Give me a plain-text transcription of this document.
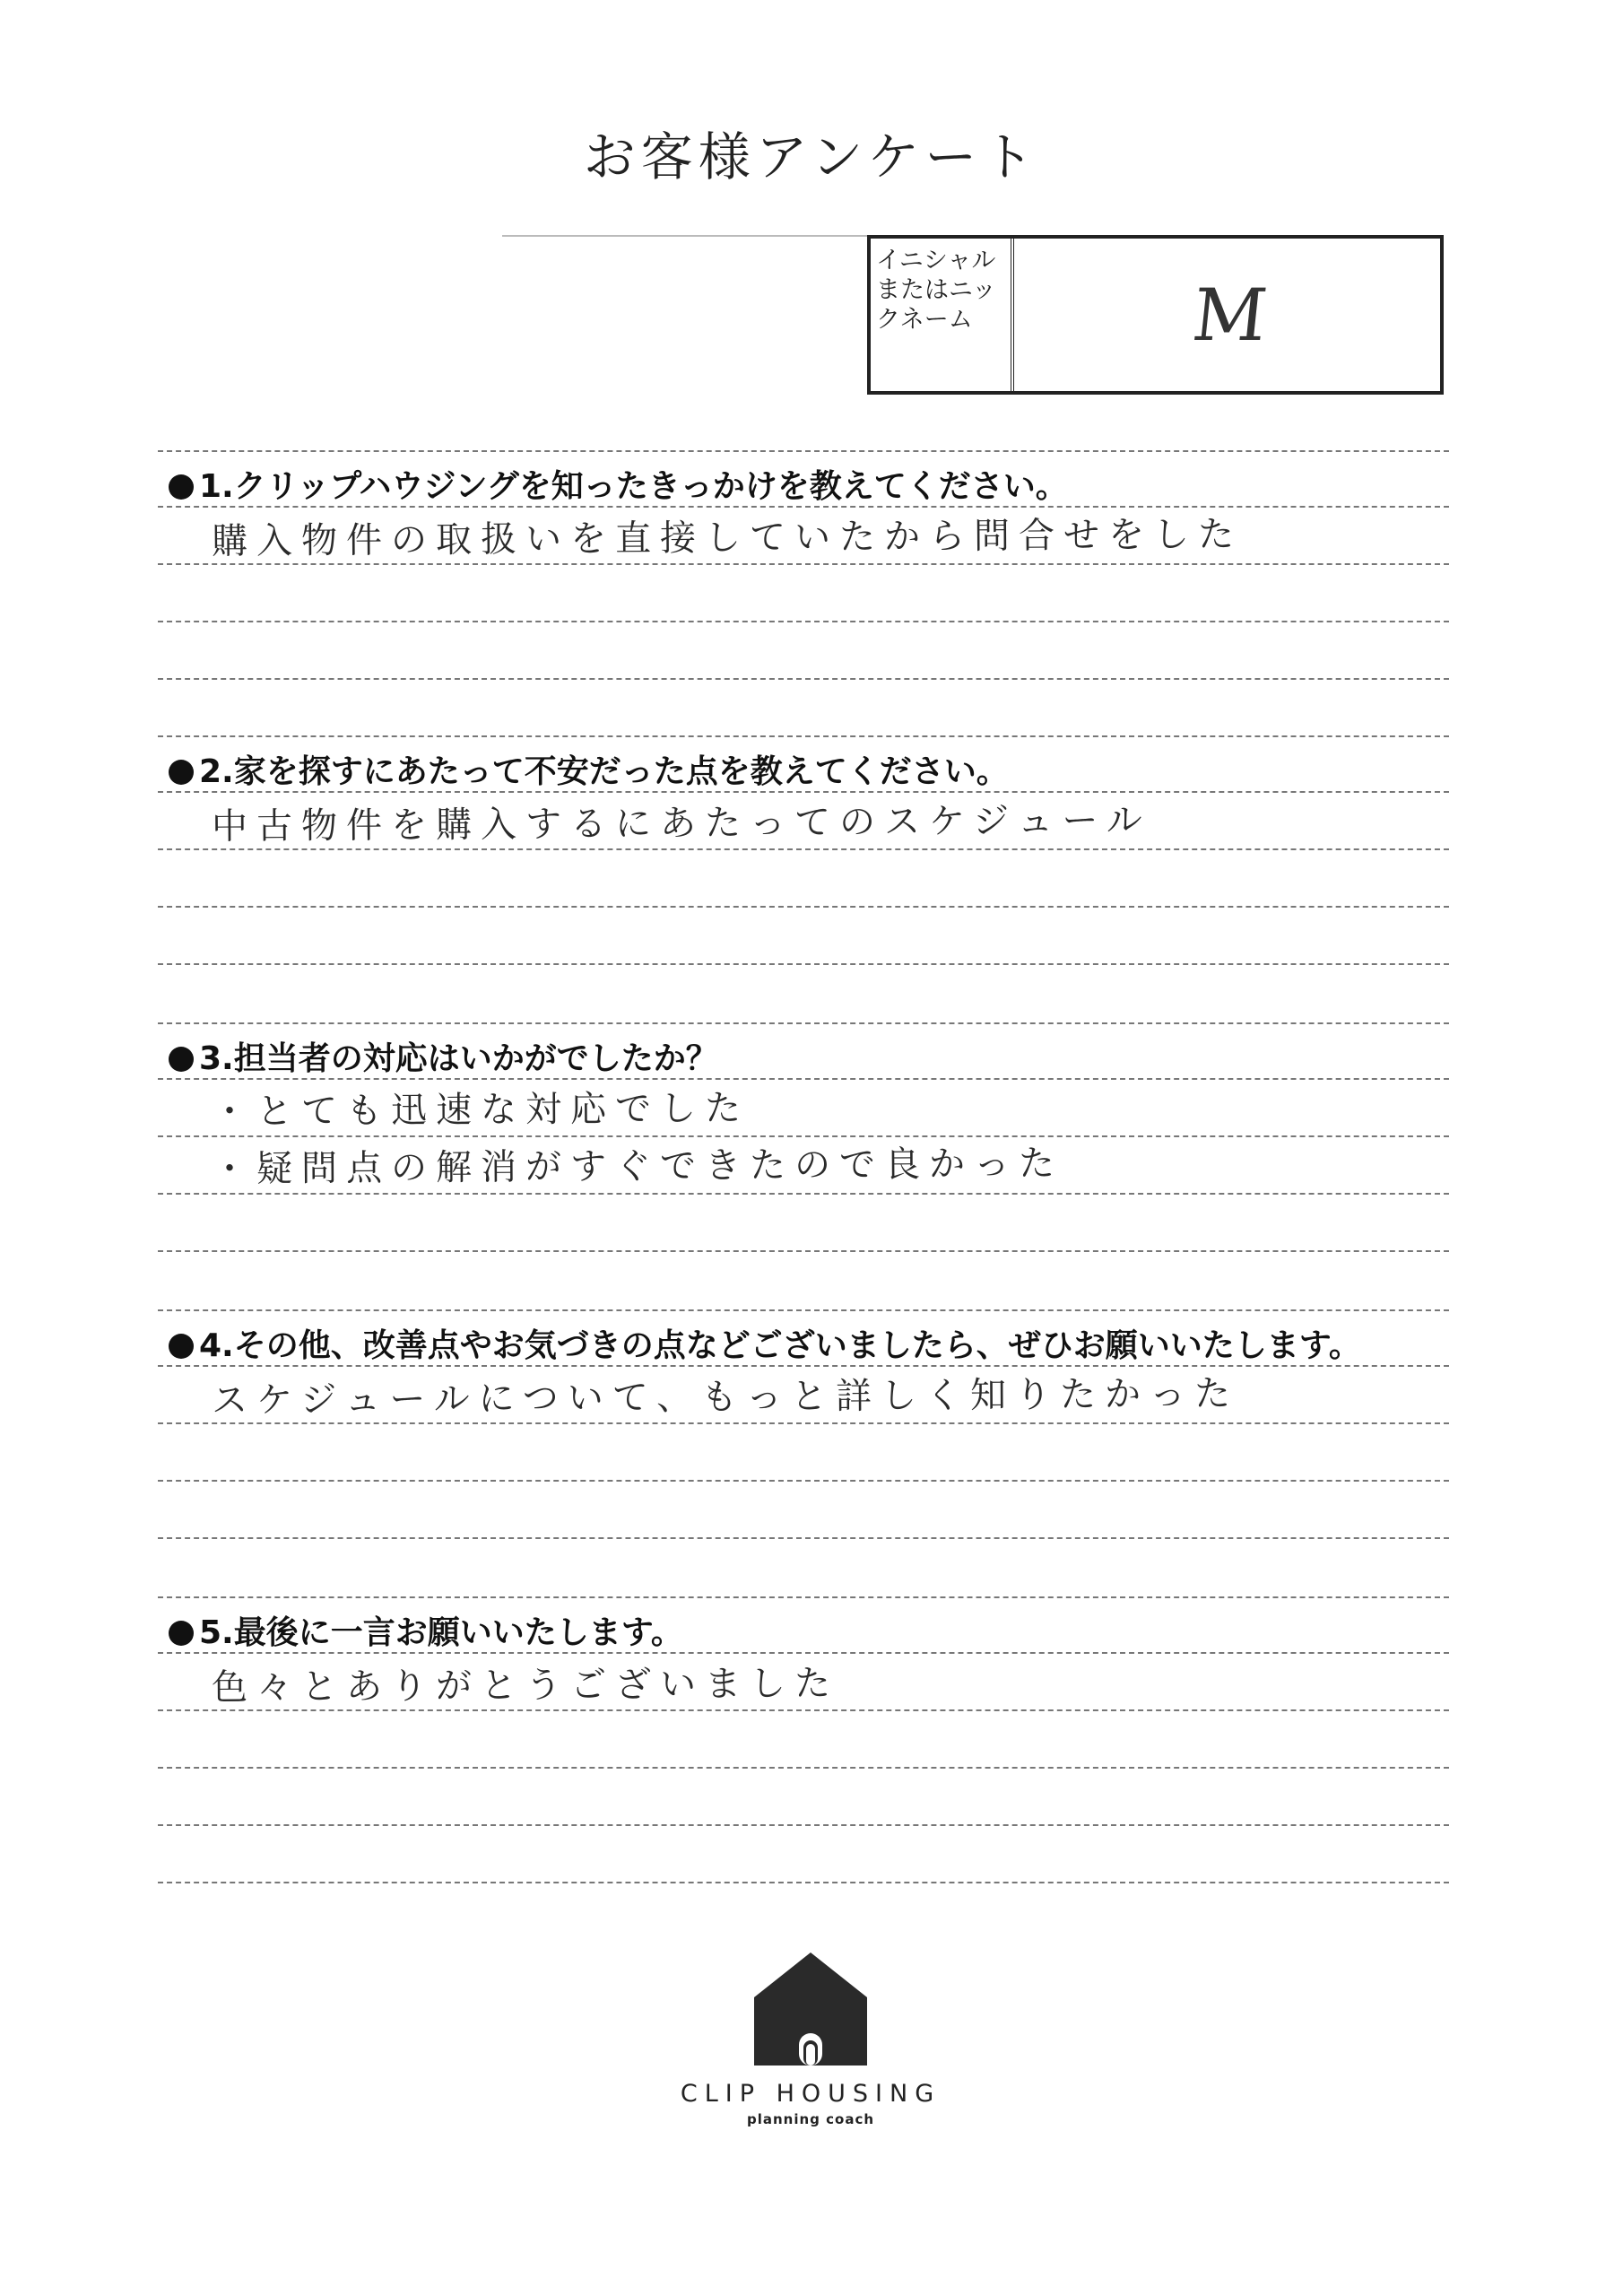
お客様アンケート
イニシャルまたはニックネーム	M
1.クリップハウジングを知ったきっかけを教えてください。
購入物件の取扱いを直接していたから問合せをした
2.家を探すにあたって不安だった点を教えてください。
中古物件を購入するにあたってのスケジュール
3.担当者の対応はいかがでしたか？
・とても迅速な対応でした
・疑問点の解消がすぐできたので良かった
4.その他、改善点やお気づきの点などございましたら、ぜひお願いいたします。
スケジュールについて、もっと詳しく知りたかった
5.最後に一言お願いいたします。
色々とありがとうございました
CLIP HOUSING
planning coach
